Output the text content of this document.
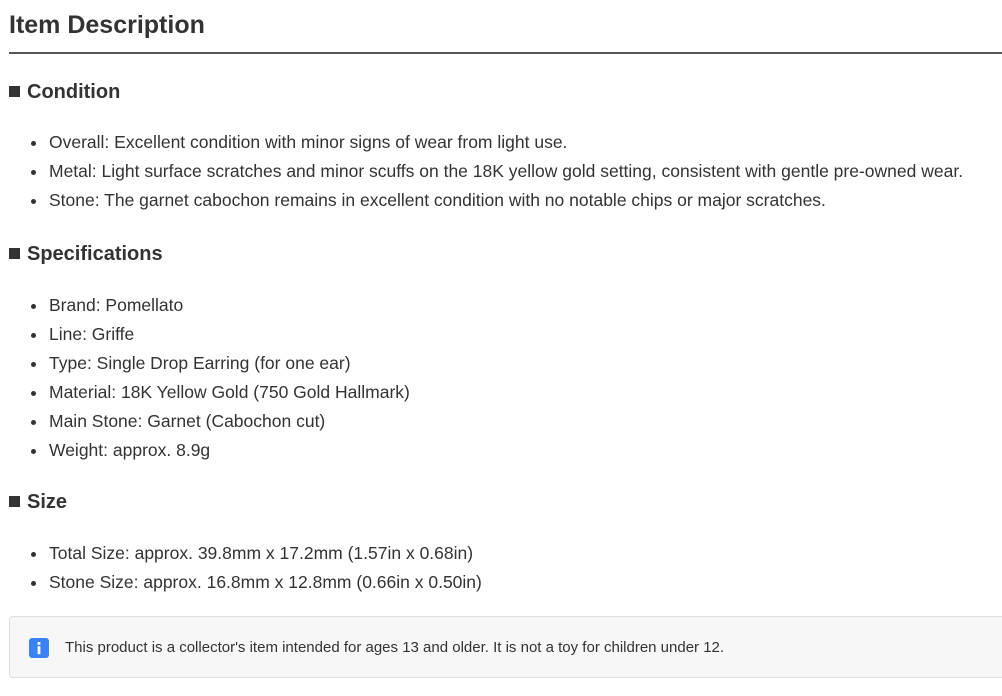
Item Description
Condition
Overall: Excellent condition with minor signs of wear from light use.
Metal: Light surface scratches and minor scuffs on the 18K yellow gold setting, consistent with gentle pre-owned wear.
Stone: The garnet cabochon remains in excellent condition with no notable chips or major scratches.
Specifications
Brand: Pomellato
Line: Griffe
Type: Single Drop Earring (for one ear)
Material: 18K Yellow Gold (750 Gold Hallmark)
Main Stone: Garnet (Cabochon cut)
Weight: approx. 8.9g
Size
Total Size: approx. 39.8mm x 17.2mm (1.57in x 0.68in)
Stone Size: approx. 16.8mm x 12.8mm (0.66in x 0.50in)
This product is a collector's item intended for ages 13 and older. It is not a toy for children under 12.
